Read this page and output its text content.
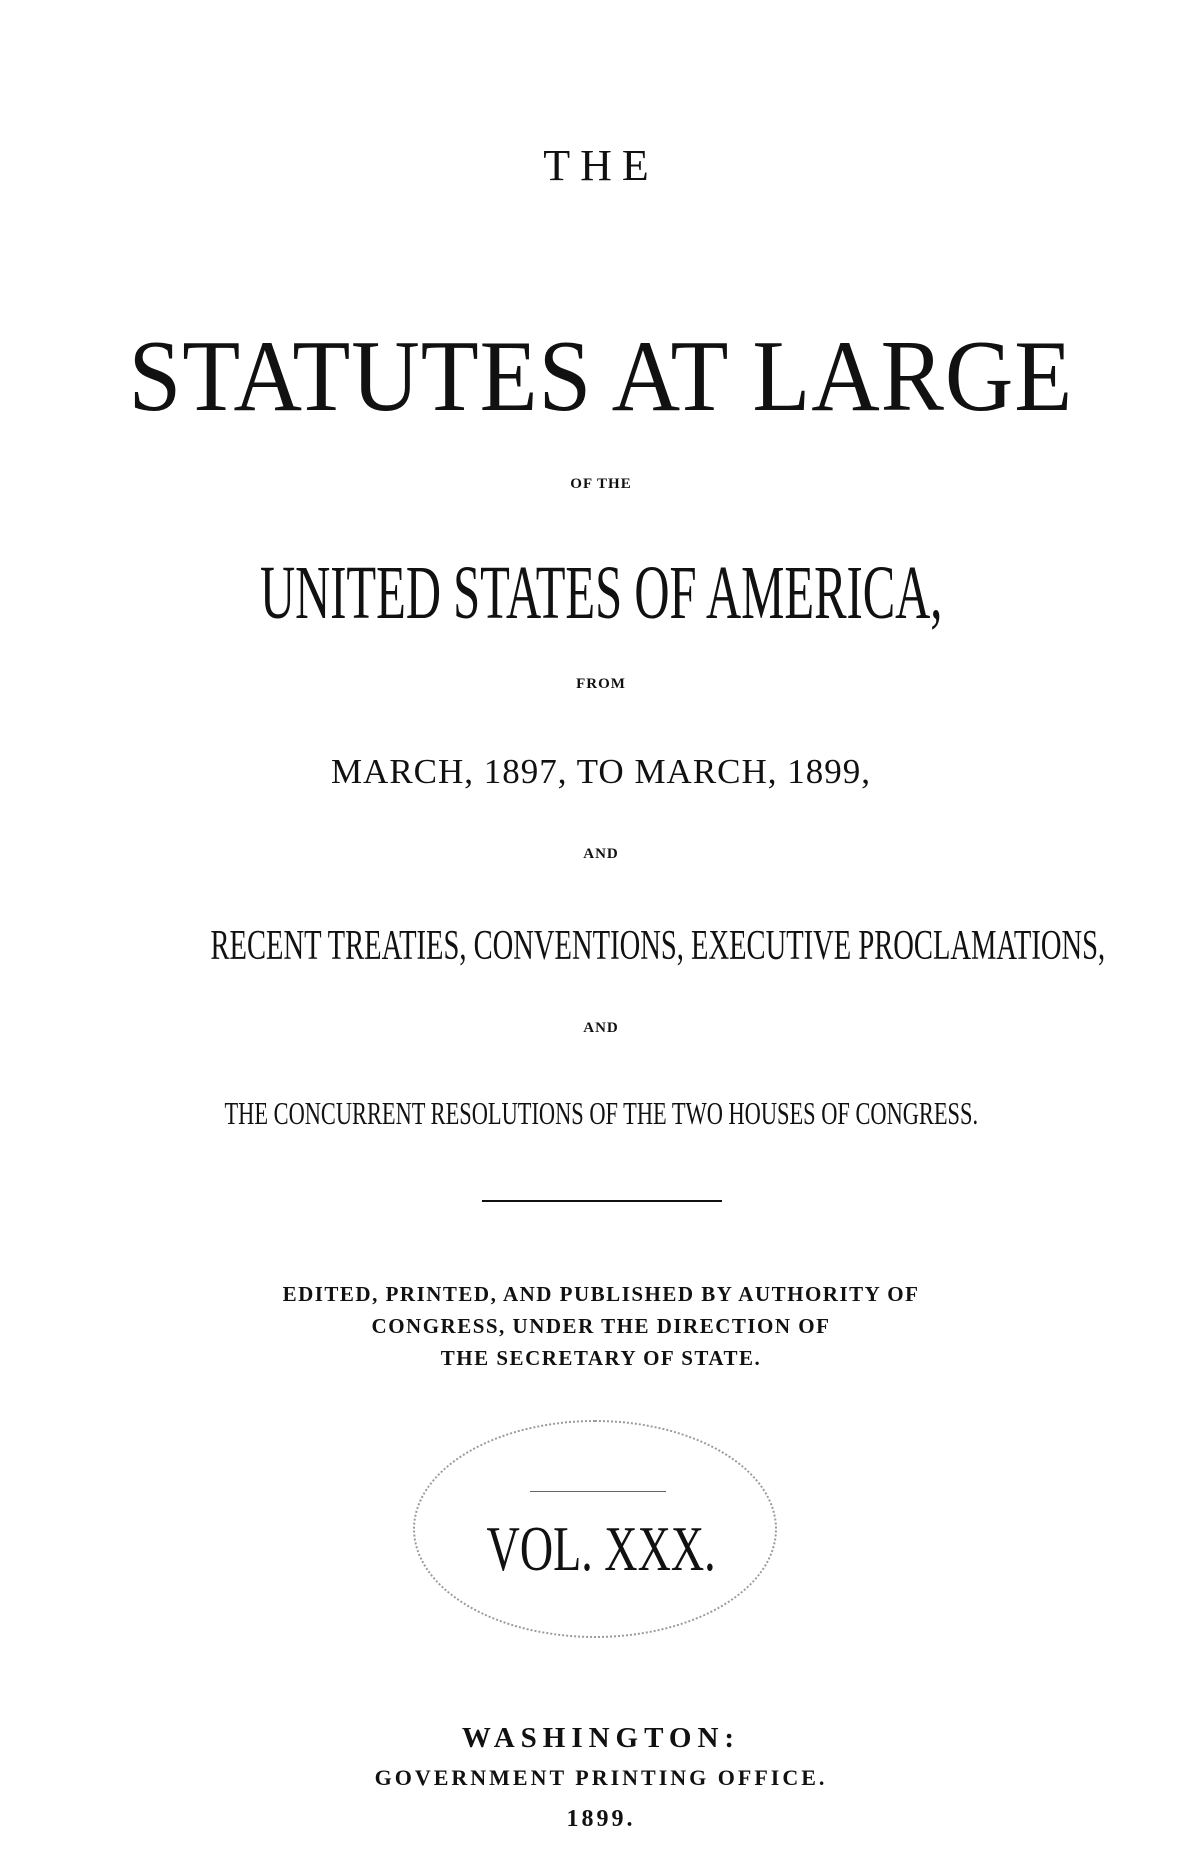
THE
STATUTES AT LARGE
OF THE
UNITED STATES OF AMERICA,
FROM
MARCH, 1897, TO MARCH, 1899,
AND
RECENT TREATIES, CONVENTIONS, EXECUTIVE PROCLAMATIONS,
AND
THE CONCURRENT RESOLUTIONS OF THE TWO HOUSES OF CONGRESS.
EDITED, PRINTED, AND PUBLISHED BY AUTHORITY OF
CONGRESS, UNDER THE DIRECTION OF
THE SECRETARY OF STATE.
VOL. XXX.
WASHINGTON:
GOVERNMENT PRINTING OFFICE.
1899.
